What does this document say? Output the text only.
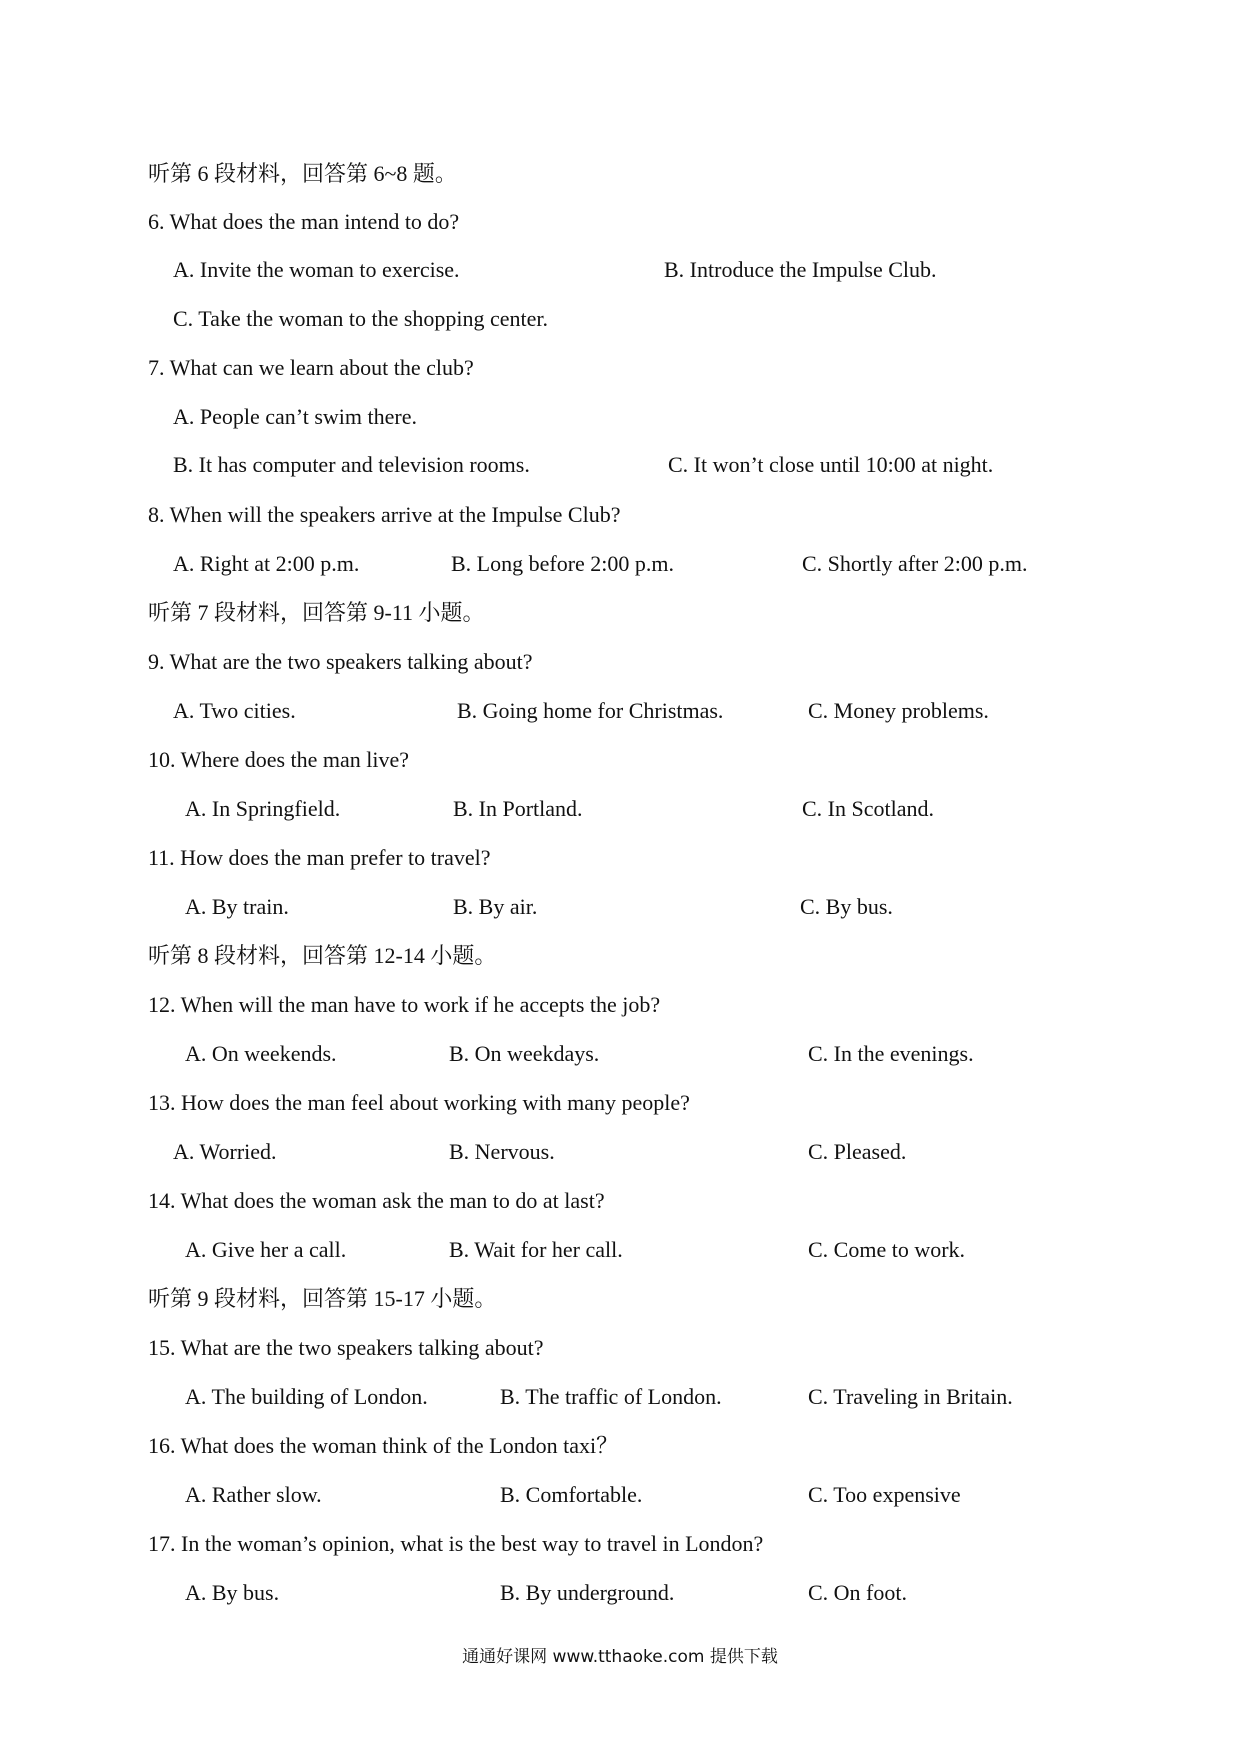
听第 6 段材料，回答第 6~8 题。
6. What does the man intend to do?
A. Invite the woman to exercise.	B. Introduce the Impulse Club.
C. Take the woman to the shopping center.
7. What can we learn about the club?
A. People can’t swim there.
B. It has computer and television rooms.	C. It won’t close until 10:00 at night.
8. When will the speakers arrive at the Impulse Club?
A. Right at 2:00 p.m.	B. Long before 2:00 p.m.	C. Shortly after 2:00 p.m.
听第 7 段材料，回答第 9-11 小题。
9. What are the two speakers talking about?
A. Two cities.	B. Going home for Christmas.	C. Money problems.
10. Where does the man live?
A. In Springfield.	B. In Portland.	C. In Scotland.
11. How does the man prefer to travel?
A. By train.	B. By air.	C. By bus.
听第 8 段材料，回答第 12-14 小题。
12. When will the man have to work if he accepts the job?
A. On weekends.	B. On weekdays.	C. In the evenings.
13. How does the man feel about working with many people?
A. Worried.	B. Nervous.	C. Pleased.
14. What does the woman ask the man to do at last?
A. Give her a call.	B. Wait for her call.	C. Come to work.
听第 9 段材料，回答第 15-17 小题。
15. What are the two speakers talking about?
A. The building of London.	B. The traffic of London.	C. Traveling in Britain.
16. What does the woman think of the London taxi？
A. Rather slow.	B. Comfortable.	C. Too expensive
17. In the woman’s opinion, what is the best way to travel in London?
A. By bus.	B. By underground.	C. On foot.
通通好课网 www.tthaoke.com 提供下载
